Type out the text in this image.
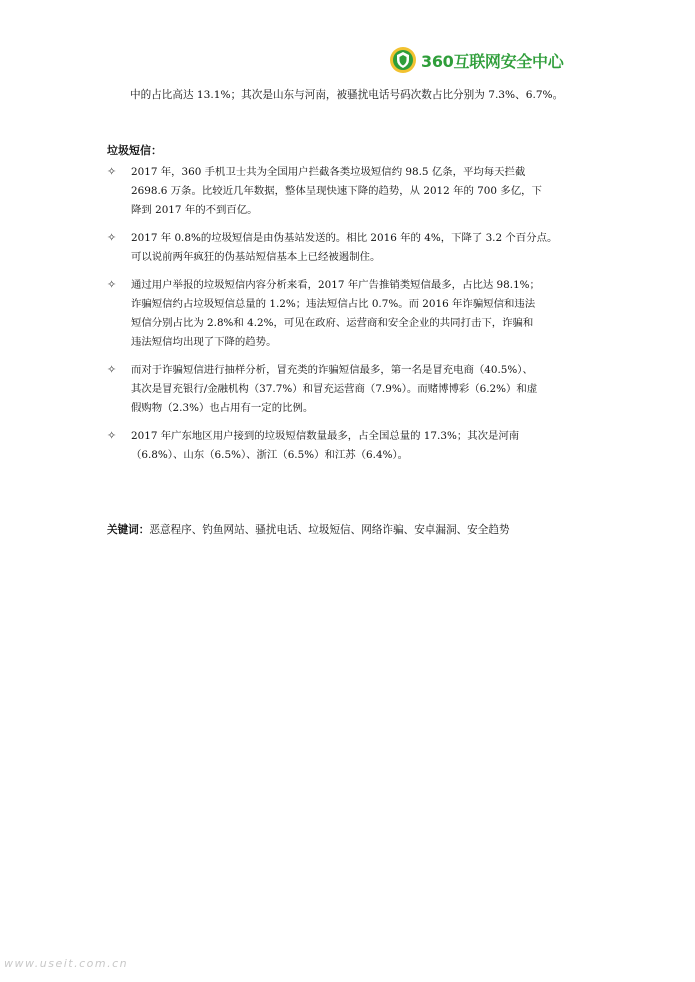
360互联网安全中心
中的占比高达 13.1%；其次是山东与河南，被骚扰电话号码次数占比分别为 7.3%、6.7%。
垃圾短信：
✧ 2017 年，360 手机卫士共为全国用户拦截各类垃圾短信约 98.5 亿条，平均每天拦截
2698.6 万条。比较近几年数据，整体呈现快速下降的趋势，从 2012 年的 700 多亿，下
降到 2017 年的不到百亿。
✧ 2017 年 0.8%的垃圾短信是由伪基站发送的。相比 2016 年的 4%，下降了 3.2 个百分点。
可以说前两年疯狂的伪基站短信基本上已经被遏制住。
✧ 通过用户举报的垃圾短信内容分析来看，2017 年广告推销类短信最多，占比达 98.1%；
诈骗短信约占垃圾短信总量的 1.2%；违法短信占比 0.7%。而 2016 年诈骗短信和违法
短信分别占比为 2.8%和 4.2%，可见在政府、运营商和安全企业的共同打击下，诈骗和
违法短信均出现了下降的趋势。
✧ 而对于诈骗短信进行抽样分析，冒充类的诈骗短信最多，第一名是冒充电商（40.5%）、
其次是冒充银行/金融机构（37.7%）和冒充运营商（7.9%）。而赌博博彩（6.2%）和虚
假购物（2.3%）也占用有一定的比例。
✧ 2017 年广东地区用户接到的垃圾短信数量最多，占全国总量的 17.3%；其次是河南
（6.8%）、山东（6.5%）、浙江（6.5%）和江苏（6.4%）。
关键词：恶意程序、钓鱼网站、骚扰电话、垃圾短信、网络诈骗、安卓漏洞、安全趋势
www.useit.com.cn
